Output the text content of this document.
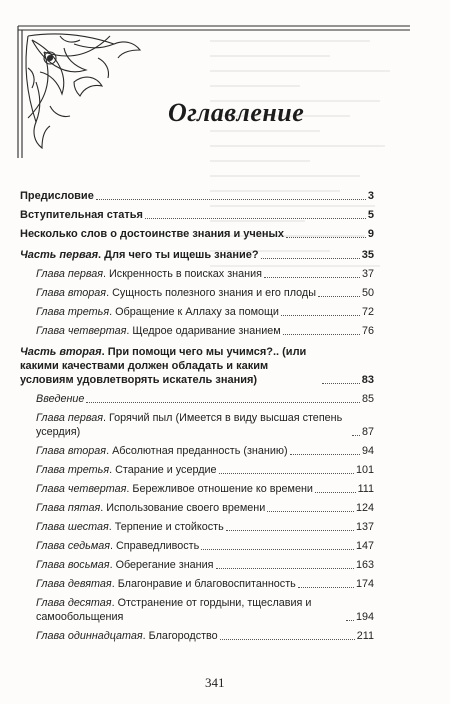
Оглавление
Предисловие	3
Вступительная статья	5
Несколько слов о достоинстве знания и ученых	9
Часть первая. Для чего ты ищешь знание?	35
Глава первая. Искренность в поисках знания	37
Глава вторая. Сущность полезного знания и его плоды	50
Глава третья. Обращение к Аллаху за помощи	72
Глава четвертая. Щедрое одаривание знанием	76
Часть вторая. При помощи чего мы учимся?.. (или какими качествами должен обладать и каким условиям удовлетворять искатель знания)	83
Введение	85
Глава первая. Горячий пыл (Имеется в виду высшая степень усердия)	87
Глава вторая. Абсолютная преданность (знанию)	94
Глава третья. Старание и усердие	101
Глава четвертая. Бережливое отношение ко времени	111
Глава пятая. Использование своего времени	124
Глава шестая. Терпение и стойкость	137
Глава седьмая. Справедливость	147
Глава восьмая. Оберегание знания	163
Глава девятая. Благонравие и благовоспитанность	174
Глава десятая. Отстранение от гордыни, тщеславия и самообольщения	194
Глава одиннадцатая. Благородство	211
341
